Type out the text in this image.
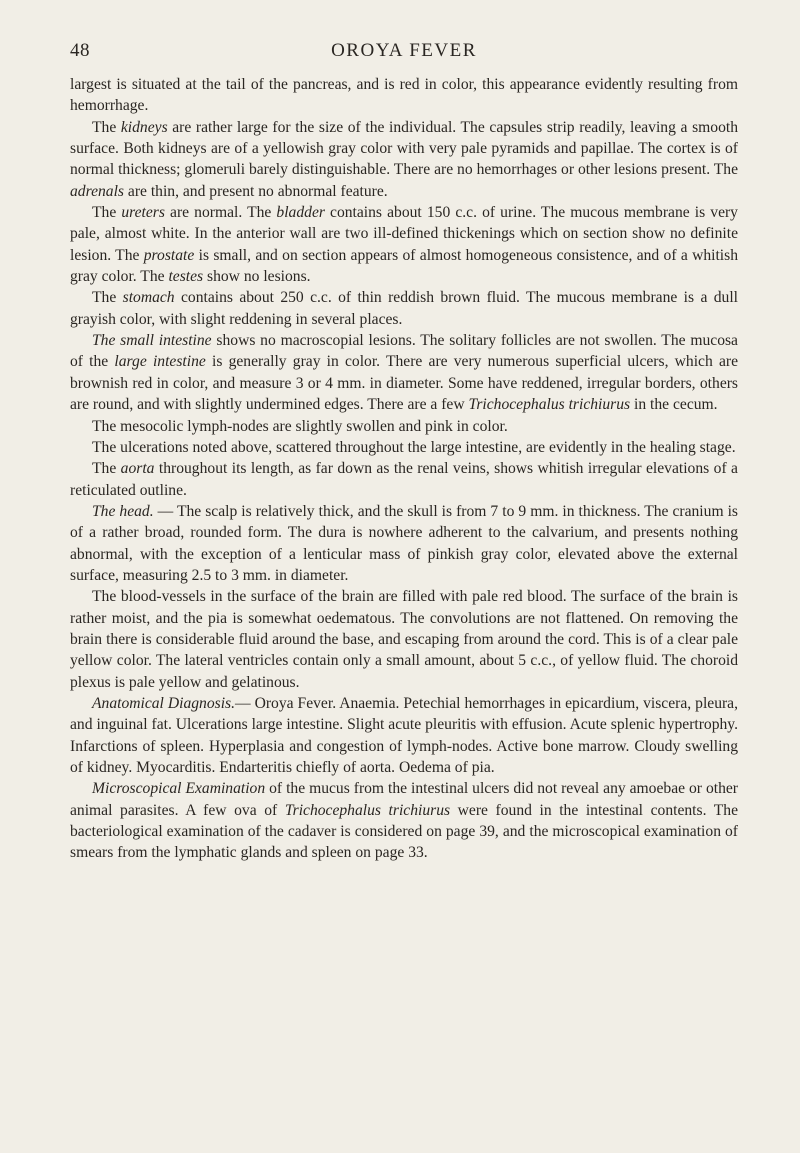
48	OROYA FEVER

largest is situated at the tail of the pancreas, and is red in color, this appearance evidently resulting from hemorrhage.

The kidneys are rather large for the size of the individual. The capsules strip readily, leaving a smooth surface. Both kidneys are of a yellowish gray color with very pale pyramids and papillae. The cortex is of normal thickness; glomeruli barely distinguishable. There are no hemorrhages or other lesions present. The adrenals are thin, and present no abnormal feature.

The ureters are normal. The bladder contains about 150 c.c. of urine. The mucous membrane is very pale, almost white. In the anterior wall are two ill-defined thickenings which on section show no definite lesion. The prostate is small, and on section appears of almost homogeneous consistence, and of a whitish gray color. The testes show no lesions.

The stomach contains about 250 c.c. of thin reddish brown fluid. The mucous membrane is a dull grayish color, with slight reddening in several places.

The small intestine shows no macroscopial lesions. The solitary follicles are not swollen. The mucosa of the large intestine is generally gray in color. There are very numerous superficial ulcers, which are brownish red in color, and measure 3 or 4 mm. in diameter. Some have reddened, irregular borders, others are round, and with slightly undermined edges. There are a few Trichocephalus trichiurus in the cecum.

The mesocolic lymph-nodes are slightly swollen and pink in color.

The ulcerations noted above, scattered throughout the large intestine, are evidently in the healing stage.

The aorta throughout its length, as far down as the renal veins, shows whitish irregular elevations of a reticulated outline.

The head. — The scalp is relatively thick, and the skull is from 7 to 9 mm. in thickness. The cranium is of a rather broad, rounded form. The dura is nowhere adherent to the calvarium, and presents nothing abnormal, with the exception of a lenticular mass of pinkish gray color, elevated above the external surface, measuring 2.5 to 3 mm. in diameter.

The blood-vessels in the surface of the brain are filled with pale red blood. The surface of the brain is rather moist, and the pia is somewhat oedematous. The convolutions are not flattened. On removing the brain there is considerable fluid around the base, and escaping from around the cord. This is of a clear pale yellow color. The lateral ventricles contain only a small amount, about 5 c.c., of yellow fluid. The choroid plexus is pale yellow and gelatinous.

Anatomical Diagnosis.— Oroya Fever. Anaemia. Petechial hemorrhages in epicardium, viscera, pleura, and inguinal fat. Ulcerations large intestine. Slight acute pleuritis with effusion. Acute splenic hypertrophy. Infarctions of spleen. Hyperplasia and congestion of lymph-nodes. Active bone marrow. Cloudy swelling of kidney. Myocarditis. Endarteritis chiefly of aorta. Oedema of pia.

Microscopical Examination of the mucus from the intestinal ulcers did not reveal any amoebae or other animal parasites. A few ova of Trichocephalus trichiurus were found in the intestinal contents. The bacteriological examination of the cadaver is considered on page 39, and the microscopical examination of smears from the lymphatic glands and spleen on page 33.
